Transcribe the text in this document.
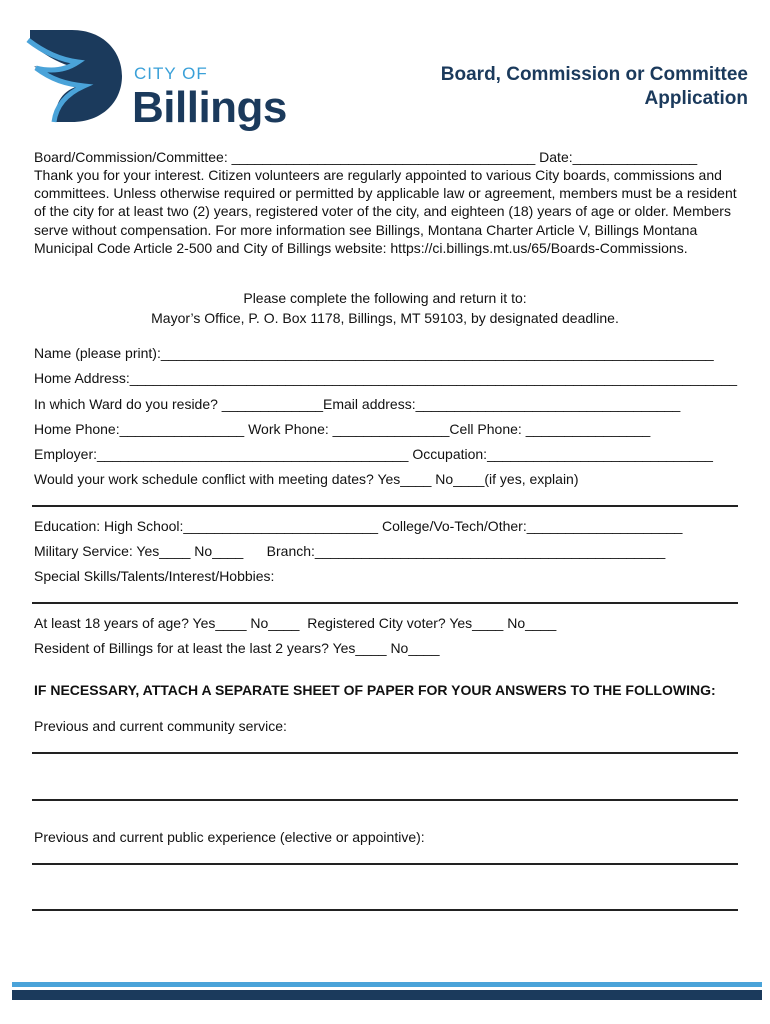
CITY OF
Billings
Board, Commission or Committee
Application
Board/Commission/Committee: _______________________________________ Date:________________
Thank you for your interest. Citizen volunteers are regularly appointed to various City boards, commissions and committees. Unless otherwise required or permitted by applicable law or agreement, members must be a resident of the city for at least two (2) years, registered voter of the city, and eighteen (18) years of age or older. Members serve without compensation. For more information see Billings, Montana Charter Article V, Billings Montana Municipal Code Article 2-500 and City of Billings website: https://ci.billings.mt.us/65/Boards-Commissions.
Please complete the following and return it to:
Mayor’s Office, P. O. Box 1178, Billings, MT 59103, by designated deadline.
Name (please print):_______________________________________________________________________
Home Address:______________________________________________________________________________
In which Ward do you reside? _____________Email address:__________________________________
Home Phone:________________ Work Phone: _______________Cell Phone: ________________
Employer:________________________________________ Occupation:_____________________________
Would your work schedule conflict with meeting dates? Yes____ No____(if yes, explain)
Education: High School:_________________________ College/Vo-Tech/Other:____________________
Military Service: Yes____ No____      Branch:_____________________________________________
Special Skills/Talents/Interest/Hobbies:
At least 18 years of age? Yes____ No____  Registered City voter? Yes____ No____
Resident of Billings for at least the last 2 years? Yes____ No____
IF NECESSARY, ATTACH A SEPARATE SHEET OF PAPER FOR YOUR ANSWERS TO THE FOLLOWING:
Previous and current community service:
Previous and current public experience (elective or appointive):
